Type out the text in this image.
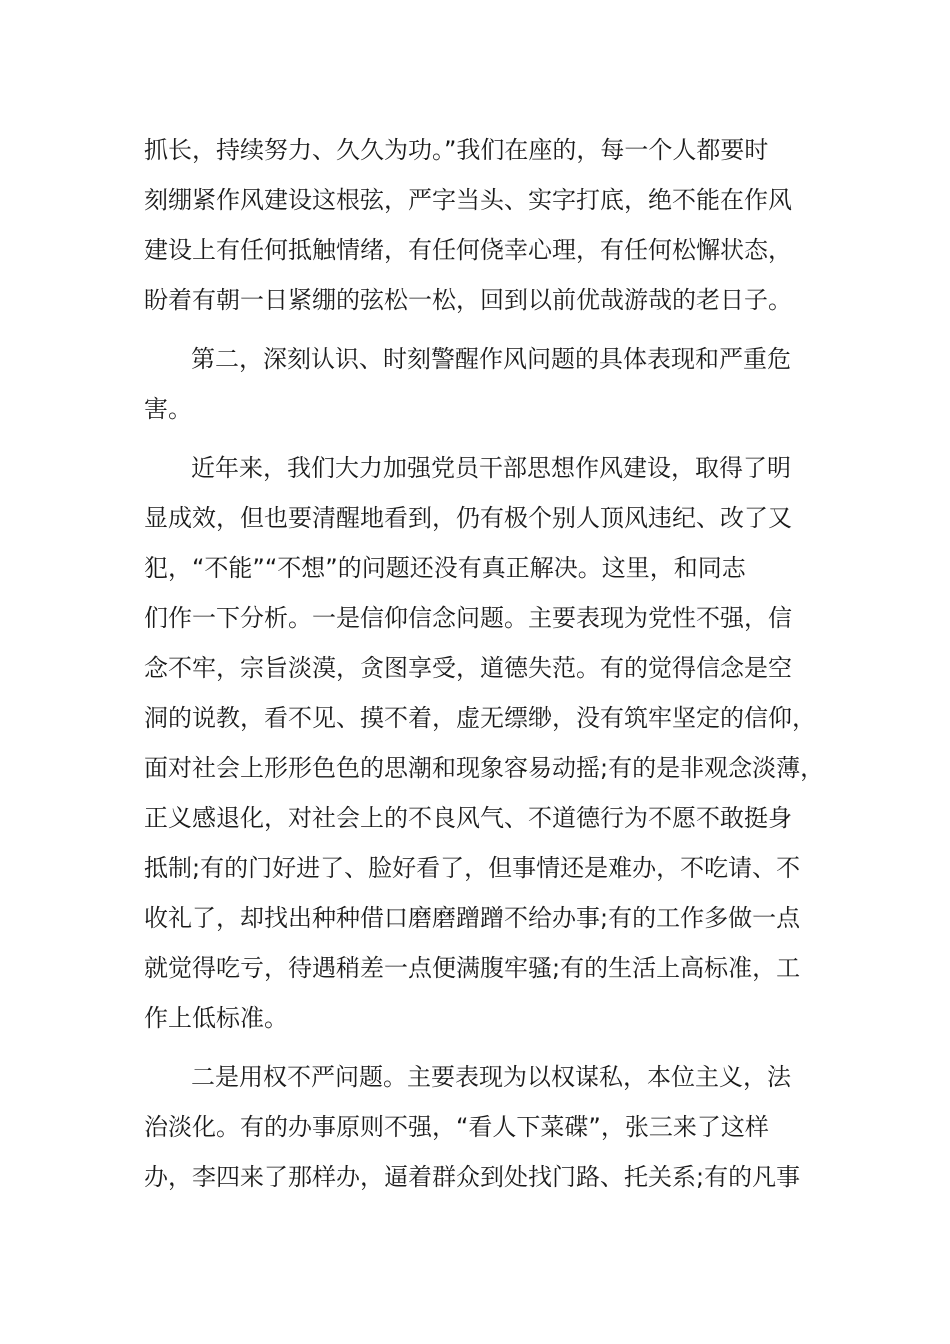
抓长，持续努力、久久为功。”我们在座的，每一个人都要时
刻绷紧作风建设这根弦，严字当头、实字打底，绝不能在作风
建设上有任何抵触情绪，有任何侥幸心理，有任何松懈状态，
盼着有朝一日紧绷的弦松一松，回到以前优哉游哉的老日子。
第二，深刻认识、时刻警醒作风问题的具体表现和严重危
害。
近年来，我们大力加强党员干部思想作风建设，取得了明
显成效，但也要清醒地看到，仍有极个别人顶风违纪、改了又
犯，“不能”“不想”的问题还没有真正解决。这里，和同志
们作一下分析。一是信仰信念问题。主要表现为党性不强，信
念不牢，宗旨淡漠，贪图享受，道德失范。有的觉得信念是空
洞的说教，看不见、摸不着，虚无缥缈，没有筑牢坚定的信仰，
面对社会上形形色色的思潮和现象容易动摇;有的是非观念淡薄，
正义感退化，对社会上的不良风气、不道德行为不愿不敢挺身
抵制;有的门好进了、脸好看了，但事情还是难办，不吃请、不
收礼了，却找出种种借口磨磨蹭蹭不给办事;有的工作多做一点
就觉得吃亏，待遇稍差一点便满腹牢骚;有的生活上高标准，工
作上低标准。
二是用权不严问题。主要表现为以权谋私，本位主义，法
治淡化。有的办事原则不强，“看人下菜碟”，张三来了这样
办，李四来了那样办，逼着群众到处找门路、托关系;有的凡事
